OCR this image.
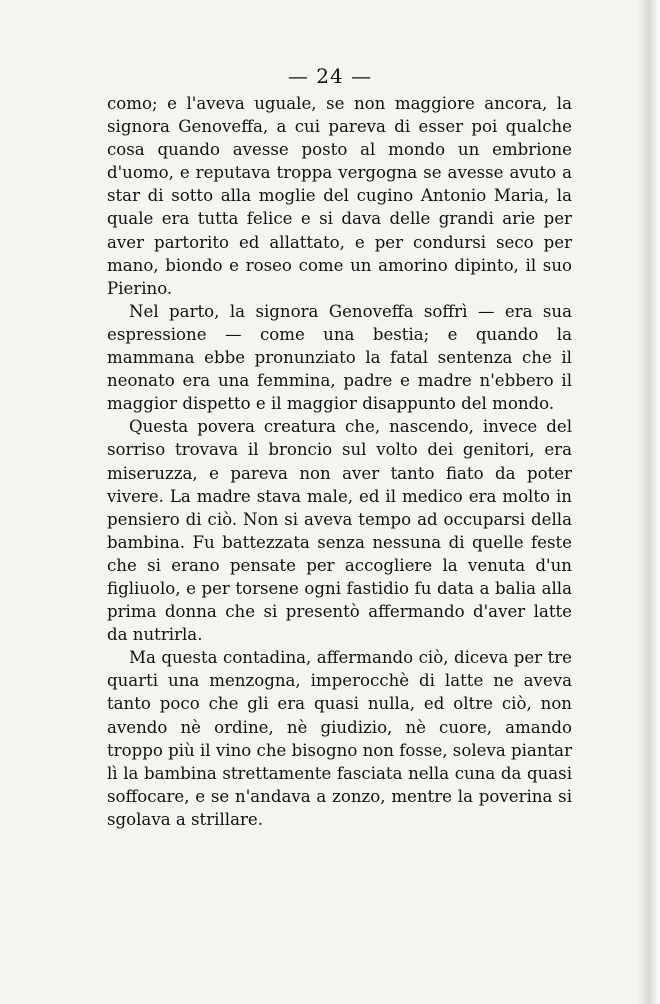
— 24 —

como; e l'aveva uguale, se non maggiore ancora, la signora Genoveffa, a cui pareva di esser poi qualche cosa quando avesse posto al mondo un embrione d'uomo, e reputava troppa vergogna se avesse avuto a star di sotto alla moglie del cugino Antonio Maria, la quale era tutta felice e si dava delle grandi arie per aver partorito ed allattato, e per condursi seco per mano, biondo e roseo come un amorino dipinto, il suo Pierino.

Nel parto, la signora Genoveffa soffrì — era sua espressione — come una bestia; e quando la mammana ebbe pronunziato la fatal sentenza che il neonato era una femmina, padre e madre n'ebbero il maggior dispetto e il maggior disappunto del mondo.

Questa povera creatura che, nascendo, invece del sorriso trovava il broncio sul volto dei genitori, era miseruzza, e pareva non aver tanto fiato da poter vivere. La madre stava male, ed il medico era molto in pensiero di ciò. Non si aveva tempo ad occuparsi della bambina. Fu battezzata senza nessuna di quelle feste che si erano pensate per accogliere la venuta d'un figliuolo, e per torsene ogni fastidio fu data a balia alla prima donna che si presentò affermando d'aver latte da nutrirla.

Ma questa contadina, affermando ciò, diceva per tre quarti una menzogna, imperocchè di latte ne aveva tanto poco che gli era quasi nulla, ed oltre ciò, non avendo nè ordine, nè giudizio, nè cuore, amando troppo più il vino che bisogno non fosse, soleva piantar lì la bambina strettamente fasciata nella cuna da quasi soffocare, e se n'andava a zonzo, mentre la poverina si sgolava a strillare.
